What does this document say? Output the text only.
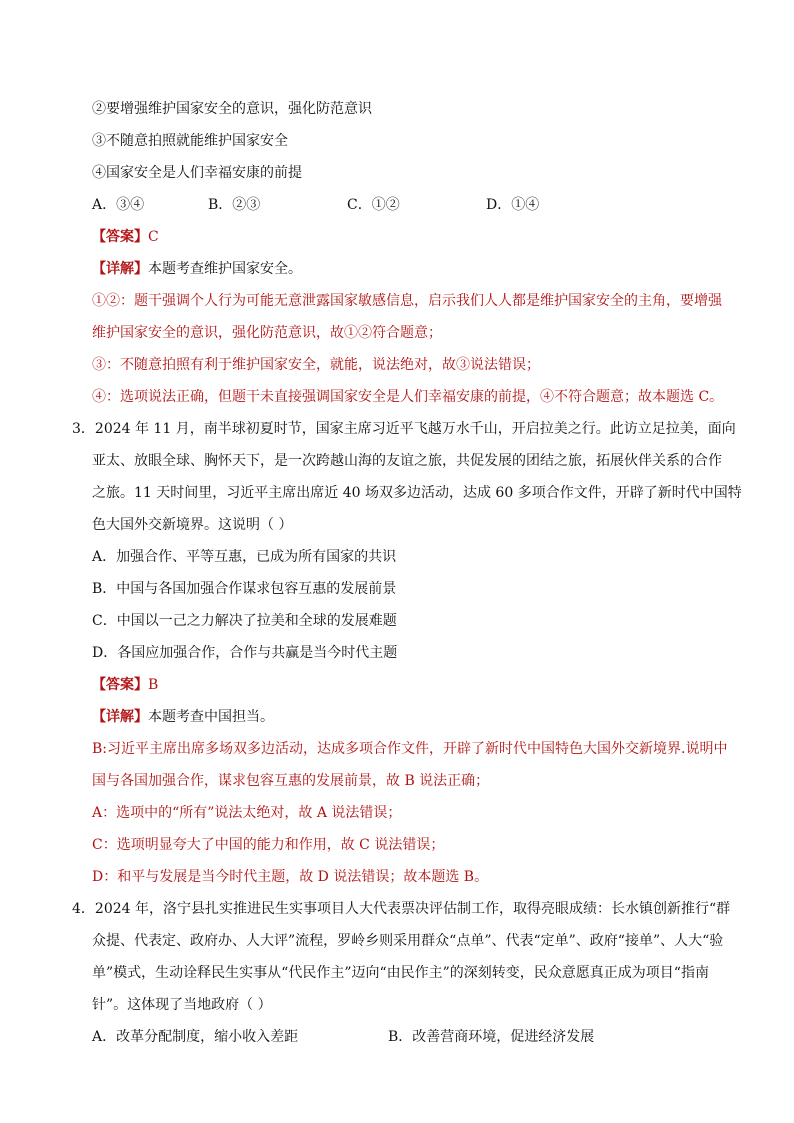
②要增强维护国家安全的意识，强化防范意识
③不随意拍照就能维护国家安全
④国家安全是人们幸福安康的前提
A．③④	B．②③	C．①②	D．①④
【答案】C
【详解】本题考查维护国家安全。
①②：题干强调个人行为可能无意泄露国家敏感信息，启示我们人人都是维护国家安全的主角，要增强
维护国家安全的意识，强化防范意识，故①②符合题意；
③：不随意拍照有利于维护国家安全，就能，说法绝对，故③说法错误；
④：选项说法正确，但题干未直接强调国家安全是人们幸福安康的前提，④不符合题意；故本题选 C。
3．2024 年 11 月，南半球初夏时节，国家主席习近平飞越万水千山，开启拉美之行。此访立足拉美，面向
亚太、放眼全球、胸怀天下，是一次跨越山海的友谊之旅，共促发展的团结之旅，拓展伙伴关系的合作
之旅。11 天时间里，习近平主席出席近 40 场双多边活动，达成 60 多项合作文件，开辟了新时代中国特
色大国外交新境界。这说明（ ）
A．加强合作、平等互惠，已成为所有国家的共识
B．中国与各国加强合作谋求包容互惠的发展前景
C．中国以一己之力解决了拉美和全球的发展难题
D．各国应加强合作，合作与共赢是当今时代主题
【答案】B
【详解】本题考查中国担当。
B:习近平主席出席多场双多边活动，达成多项合作文件，开辟了新时代中国特色大国外交新境界.说明中
国与各国加强合作，谋求包容互惠的发展前景，故 B 说法正确；
A：选项中的“所有”说法太绝对，故 A 说法错误；
C：选项明显夸大了中国的能力和作用，故 C 说法错误；
D：和平与发展是当今时代主题，故 D 说法错误；故本题选 B。
4．2024 年，洛宁县扎实推进民生实事项目人大代表票决评估制工作，取得亮眼成绩：长水镇创新推行“群
众提、代表定、政府办、人大评”流程，罗岭乡则采用群众“点单”、代表“定单”、政府“接单”、人大“验
单”模式，生动诠释民生实事从“代民作主”迈向“由民作主”的深刻转变，民众意愿真正成为项目“指南
针”。这体现了当地政府（ ）
A．改革分配制度，缩小收入差距	B．改善营商环境，促进经济发展
